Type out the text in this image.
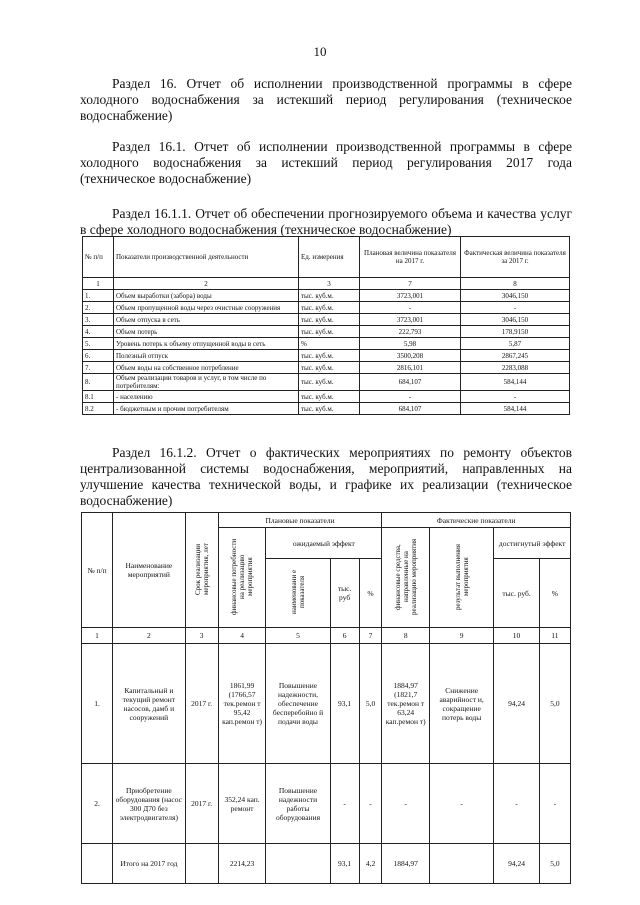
10
Раздел 16. Отчет об исполнении производственной программы в сфере холодного водоснабжения за истекший период регулирования (техническое водоснабжение)
Раздел 16.1. Отчет об исполнении производственной программы в сфере холодного водоснабжения за истекший период регулирования 2017 года (техническое водоснабжение)
Раздел 16.1.1. Отчет об обеспечении прогнозируемого объема и качества услуг в сфере холодного водоснабжения (техническое водоснабжение)
№ п/п	Показатели производственной деятельности	Ед. измерения	Плановая величина показателя на 2017 г.	Фактическая величина показателя за 2017 г.
1	2	3	7	8
1.	Объем выработки (забора) воды	тыс. куб.м.	3723,001	3046,150
2.	Объем пропущенной воды через очистные сооружения	тыс. куб.м.	-	-
3.	Объем отпуска в сеть	тыс. куб.м.	3723,001	3046,150
4.	Объем потерь	тыс. куб.м.	222,793	178,9150
5.	Уровень потерь к объему отпущенной воды в сеть	%	5,98	5,87
6.	Полезный отпуск	тыс. куб.м.	3500,208	2867,245
7.	Объем воды на собственное потребление	тыс. куб.м.	2816,101	2283,088
8.	Объем реализации товаров и услуг, в том числе по потребителям:	тыс. куб.м.	684,107	584,144
8.1	- населению	тыс. куб.м.	-	-
8.2	- бюджетным и прочим потребителям	тыс. куб.м.	684,107	584,144
Раздел 16.1.2. Отчет о фактических мероприятиях по ремонту объектов централизованной системы водоснабжения, мероприятий, направленных на улучшение качества технической воды, и графике их реализации (техническое водоснабжение)
№ п/п	Наименование мероприятий	Срок реализации мероприятия, лет	Плановые показатели				Фактические показатели			
			финансовые потребности на реализацию мероприятия	ожидаемый эффект			финансовые средства, направленные на реализацию мероприятия	результат выполнения мероприятия	достигнутый эффект	
				наименовани е показателя	тыс. руб	%			тыс. руб.	%
1	2	3	4	5	6	7	8	9	10	11
1.	Капитальный и текущий ремонт насосов, дамб и сооружений	2017 г.	1861,99 (1766,57 тек.ремон т 95,42 кап.ремон т)	Повышение надежности, обеспечение бесперебойно й подачи воды	93,1	5,0	1884,97 (1821,7 тек.ремон т 63,24 кап.ремон т)	Снижение аварийност и, сокращение потерь воды	94,24	5,0
2.	Приобретение оборудования (насос 300 Д70 без электродвигателя)	2017 г.	352,24 кап. ремонт	Повышение надежности работы оборудования	-	-	-	-	-	-
	Итого на 2017 год		2214,23		93,1	4,2	1884,97		94,24	5,0
